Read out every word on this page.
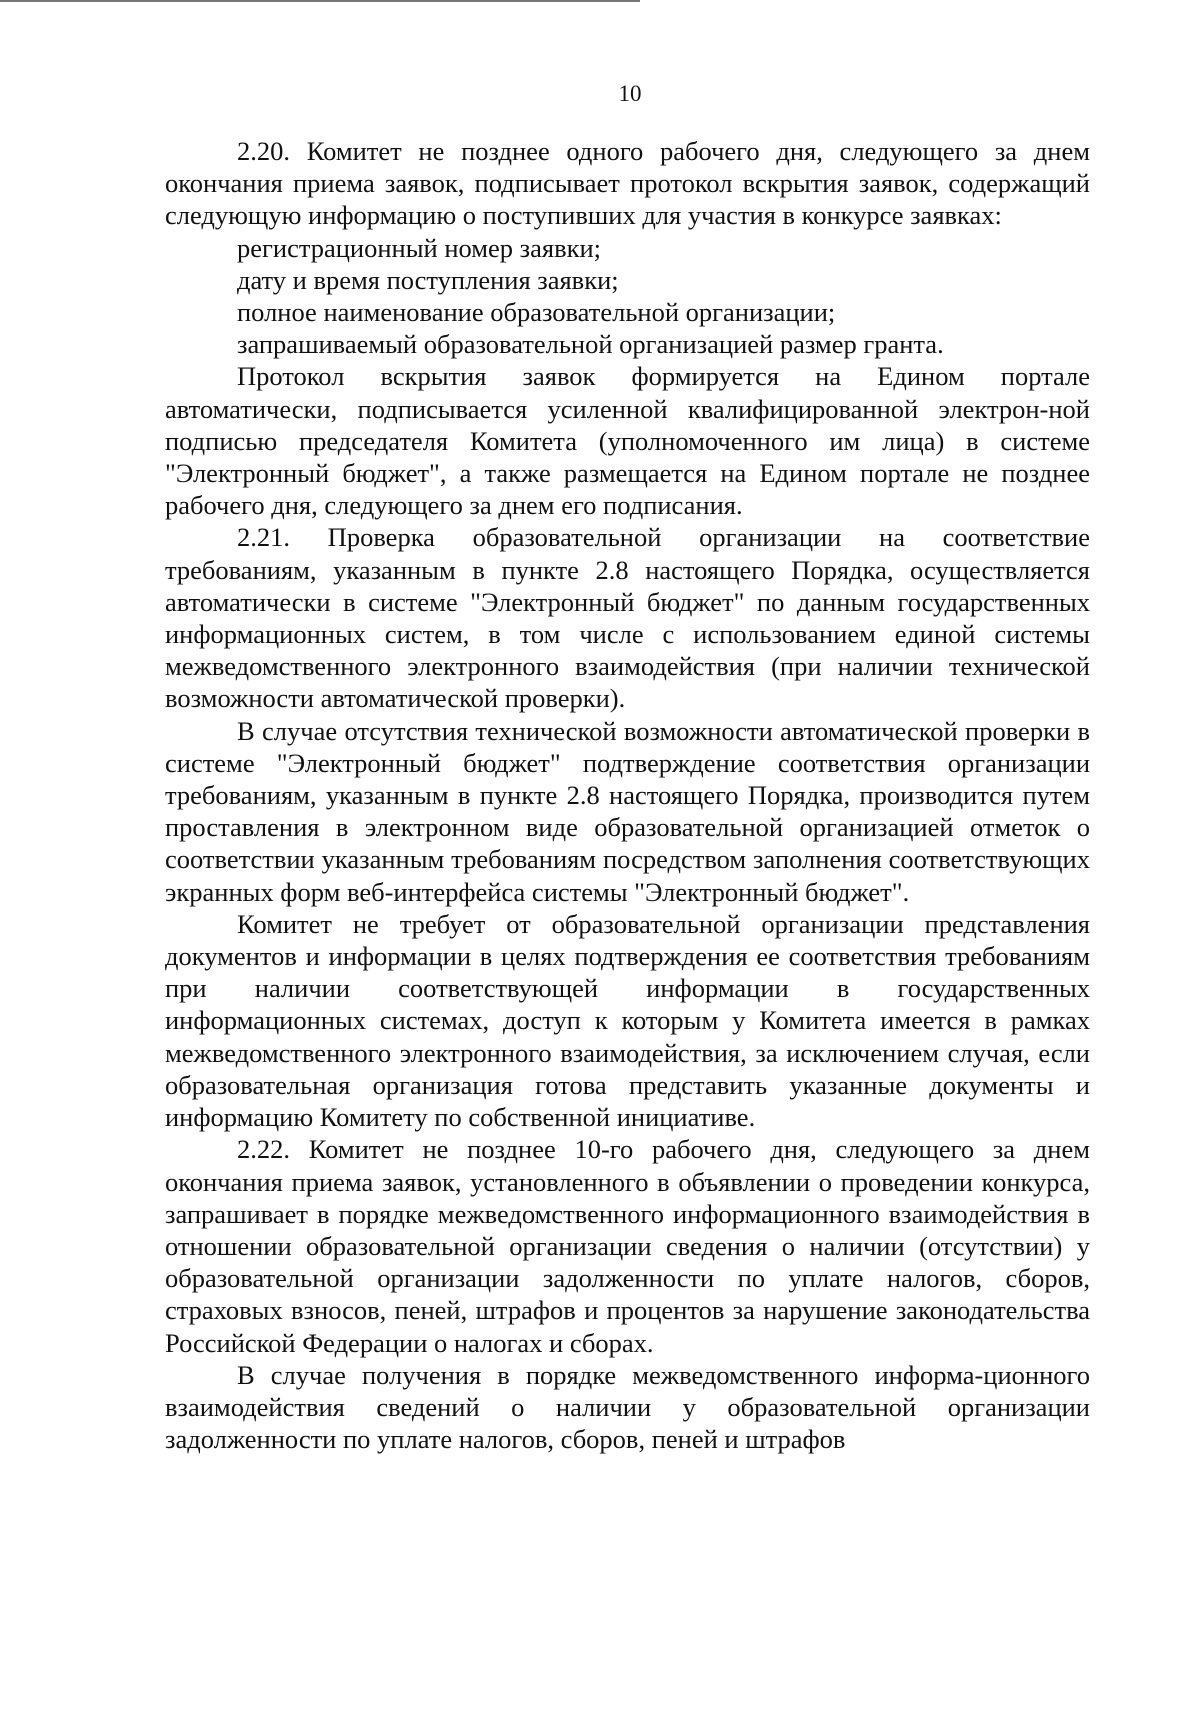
10

2.20. Комитет не позднее одного рабочего дня, следующего за днем окончания приема заявок, подписывает протокол вскрытия заявок, содержащий следующую информацию о поступивших для участия в конкурсе заявках:

регистрационный номер заявки;

дату и время поступления заявки;

полное наименование образовательной организации;

запрашиваемый образовательной организацией размер гранта.

Протокол вскрытия заявок формируется на Едином портале автоматически, подписывается усиленной квалифицированной электрон-ной подписью председателя Комитета (уполномоченного им лица) в системе "Электронный бюджет", а также размещается на Едином портале не позднее рабочего дня, следующего за днем его подписания.

2.21. Проверка образовательной организации на соответствие требованиям, указанным в пункте 2.8 настоящего Порядка, осуществляется автоматически в системе "Электронный бюджет" по данным государственных информационных систем, в том числе с использованием единой системы межведомственного электронного взаимодействия (при наличии технической возможности автоматической проверки).

В случае отсутствия технической возможности автоматической проверки в системе "Электронный бюджет" подтверждение соответствия организации требованиям, указанным в пункте 2.8 настоящего Порядка, производится путем проставления в электронном виде образовательной организацией отметок о соответствии указанным требованиям посредством заполнения соответствующих экранных форм веб-интерфейса системы "Электронный бюджет".

Комитет не требует от образовательной организации представления документов и информации в целях подтверждения ее соответствия требованиям при наличии соответствующей информации в государственных информационных системах, доступ к которым у Комитета имеется в рамках межведомственного электронного взаимодействия, за исключением случая, если образовательная организация готова представить указанные документы и информацию Комитету по собственной инициативе.

2.22. Комитет не позднее 10-го рабочего дня, следующего за днем окончания приема заявок, установленного в объявлении о проведении конкурса, запрашивает в порядке межведомственного информационного взаимодействия в отношении образовательной организации сведения о наличии (отсутствии) у образовательной организации задолженности по уплате налогов, сборов, страховых взносов, пеней, штрафов и процентов за нарушение законодательства Российской Федерации о налогах и сборах.

В случае получения в порядке межведомственного информа-ционного взаимодействия сведений о наличии у образовательной организации задолженности по уплате налогов, сборов, пеней и штрафов
